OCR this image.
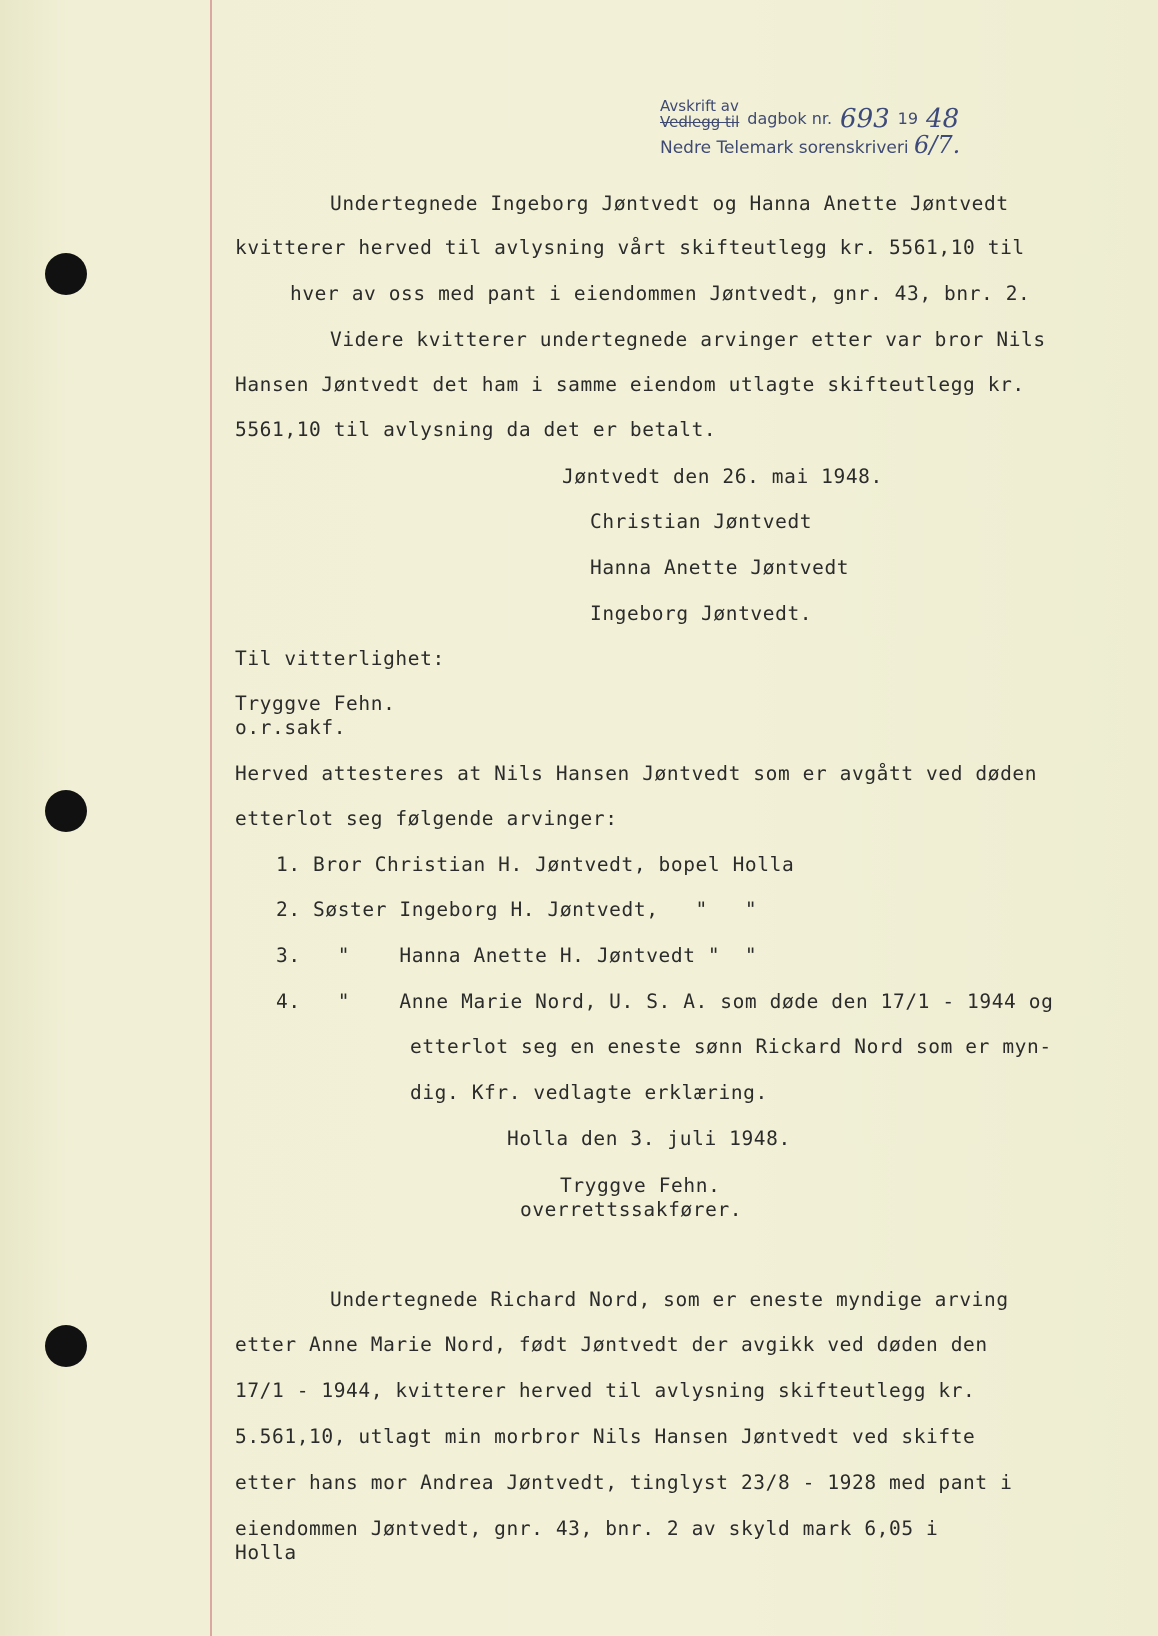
Avskrift av
Vedlegg til dagbok nr. 693 19 48
Nedre Telemark sorenskriveri 6/7.
Undertegnede Ingeborg Jøntvedt og Hanna Anette Jøntvedt
kvitterer herved til avlysning vårt skifteutlegg kr. 5561,10 til
hver av oss med pant i eiendommen Jøntvedt, gnr. 43, bnr. 2.
Videre kvitterer undertegnede arvinger etter var bror Nils
Hansen Jøntvedt det ham i samme eiendom utlagte skifteutlegg kr.
5561,10 til avlysning da det er betalt.
Jøntvedt den 26. mai 1948.
Christian Jøntvedt
Hanna Anette Jøntvedt
Ingeborg Jøntvedt.
Til vitterlighet:
Tryggve Fehn.
o.r.sakf.
Herved attesteres at Nils Hansen Jøntvedt som er avgått ved døden
etterlot seg følgende arvinger:
1. Bror Christian H. Jøntvedt, bopel Holla
2. Søster Ingeborg H. Jøntvedt,   "   "
3.   "    Hanna Anette H. Jøntvedt "  "
4.   "    Anne Marie Nord, U. S. A. som døde den 17/1 - 1944 og
etterlot seg en eneste sønn Rickard Nord som er myn-
dig. Kfr. vedlagte erklæring.
Holla den 3. juli 1948.
Tryggve Fehn.
overrettssakfører.
Undertegnede Richard Nord, som er eneste myndige arving
etter Anne Marie Nord, født Jøntvedt der avgikk ved døden den
17/1 - 1944, kvitterer herved til avlysning skifteutlegg kr.
5.561,10, utlagt min morbror Nils Hansen Jøntvedt ved skifte
etter hans mor Andrea Jøntvedt, tinglyst 23/8 - 1928 med pant i
eiendommen Jøntvedt, gnr. 43, bnr. 2 av skyld mark 6,05 i
Holla
